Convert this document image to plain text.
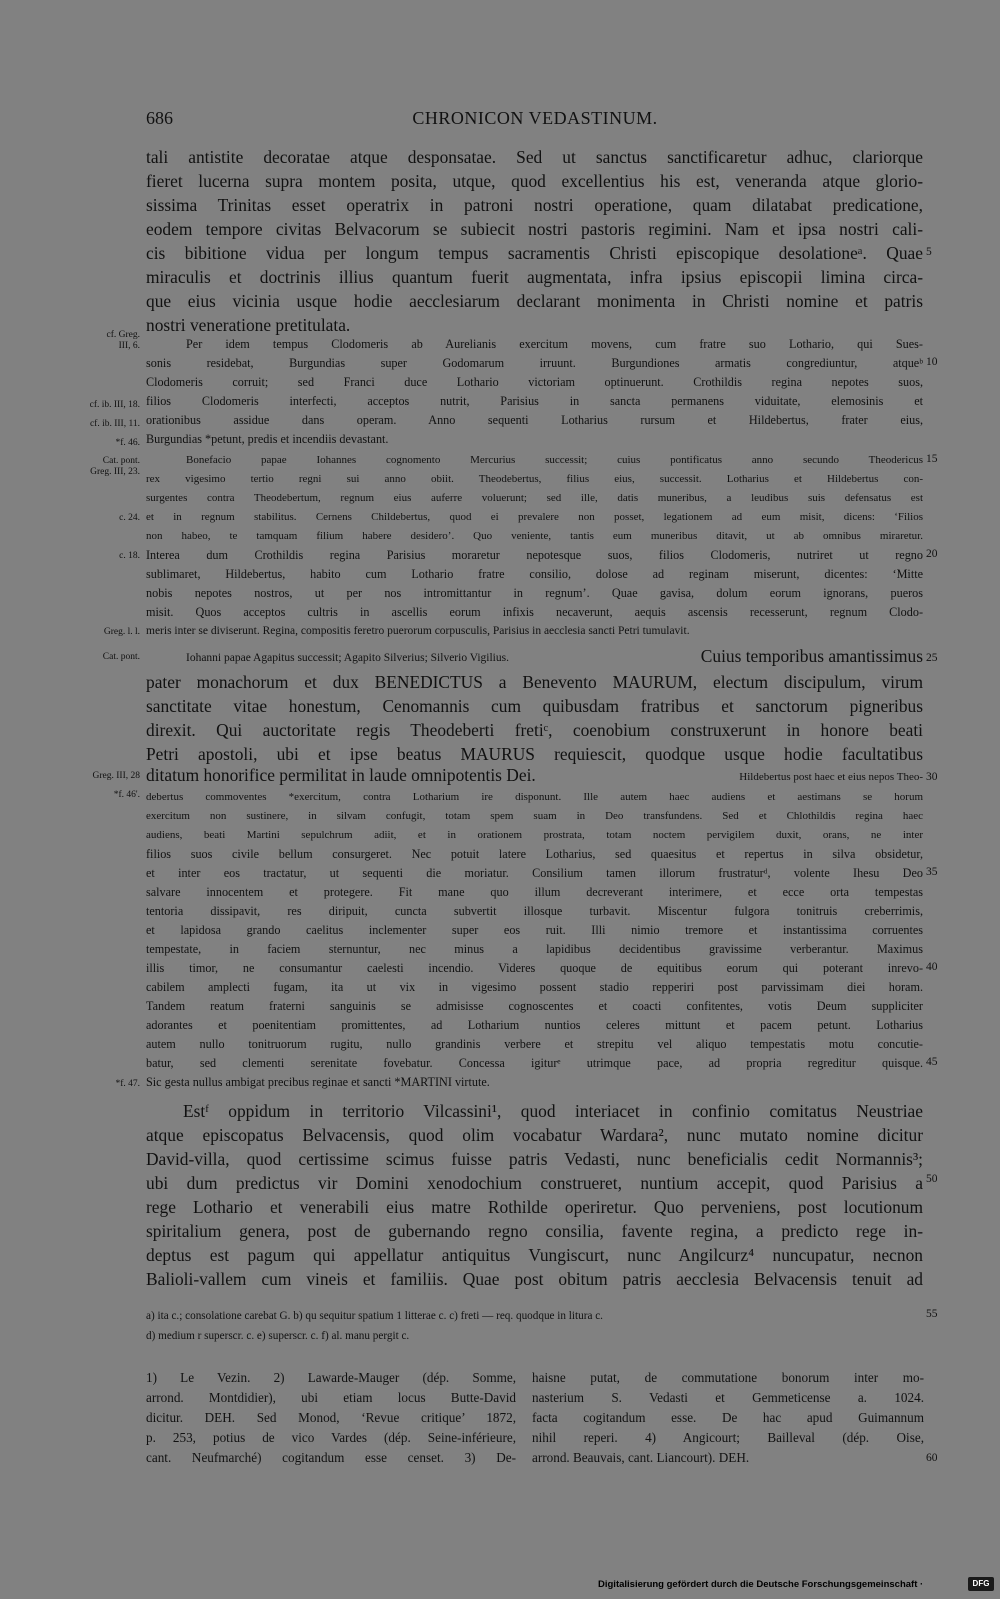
686	CHRONICON VEDASTINUM.
tali antistite decoratae atque desponsatae. Sed ut sanctus sanctificaretur adhuc, clariorque
fieret lucerna supra montem posita, utque, quod excellentius his est, veneranda atque glorio-
sissima Trinitas esset operatrix in patroni nostri operatione, quam dilatabat predicatione,
eodem tempore civitas Belvacorum se subiecit nostri pastoris regimini. Nam et ipsa nostri cali-
cis bibitione vidua per longum tempus sacramentis Christi episcopique desolationeᵃ. Quae
miraculis et doctrinis illius quantum fuerit augmentata, infra ipsius episcopii limina circa-
que eius vicinia usque hodie aecclesiarum declarant monimenta in Christi nomine et patris
nostri veneratione pretitulata.
Per idem tempus Clodomeris ab Aurelianis exercitum movens, cum fratre suo Lothario, qui Sues-
sonis residebat, Burgundias super Godomarum irruunt. Burgundiones armatis congrediuntur, atqueᵇ
Clodomeris corruit; sed Franci duce Lothario victoriam optinuerunt. Crothildis regina nepotes suos,
filios Clodomeris interfecti, acceptos nutrit, Parisius in sancta permanens viduitate, elemosinis et
orationibus assidue dans operam. Anno sequenti Lotharius rursum et Hildebertus, frater eius,
Burgundias *petunt, predis et incendiis devastant.
Bonefacio papae Iohannes cognomento Mercurius successit; cuius pontificatus anno secundo Theodericus
rex vigesimo tertio regni sui anno obiit. Theodebertus, filius eius, successit. Lotharius et Hildebertus con-
surgentes contra Theodebertum, regnum eius auferre voluerunt; sed ille, datis muneribus, a leudibus suis defensatus est
et in regnum stabilitus. Cernens Childebertus, quod ei prevalere non posset, legationem ad eum misit, dicens: ‘Filios
non habeo, te tamquam filium habere desidero’. Quo veniente, tantis eum muneribus ditavit, ut ab omnibus miraretur.
Interea dum Crothildis regina Parisius moraretur nepotesque suos, filios Clodomeris, nutriret ut regno
sublimaret, Hildebertus, habito cum Lothario fratre consilio, dolose ad reginam miserunt, dicentes: ‘Mitte
nobis nepotes nostros, ut per nos intromittantur in regnum’. Quae gavisa, dolum eorum ignorans, pueros
misit. Quos acceptos cultris in ascellis eorum infixis necaverunt, aequis ascensis recesserunt, regnum Clodo-
meris inter se diviserunt. Regina, compositis feretro puerorum corpusculis, Parisius in aecclesia sancti Petri tumulavit.
Iohanni papae Agapitus successit; Agapito Silverius; Silverio Vigilius.	Cuius temporibus amantissimus
pater monachorum et dux BENEDICTUS a Benevento MAURUM, electum discipulum, virum
sanctitate vitae honestum, Cenomannis cum quibusdam fratribus et sanctorum pigneribus
direxit. Qui auctoritate regis Theodeberti fretiᶜ, coenobium construxerunt in honore beati
Petri apostoli, ubi et ipse beatus MAURUS requiescit, quodque usque hodie facultatibus
ditatum honorifice permilitat in laude omnipotentis Dei.	Hildebertus post haec et eius nepos Theo-
debertus commoventes *exercitum, contra Lotharium ire disponunt. Ille autem haec audiens et aestimans se horum
exercitum non sustinere, in silvam confugit, totam spem suam in Deo transfundens. Sed et Chlothildis regina haec
audiens, beati Martini sepulchrum adiit, et in orationem prostrata, totam noctem pervigilem duxit, orans, ne inter
filios suos civile bellum consurgeret. Nec potuit latere Lotharius, sed quaesitus et repertus in silva obsidetur,
et inter eos tractatur, ut sequenti die moriatur. Consilium tamen illorum frustraturᵈ, volente Ihesu Deo
salvare innocentem et protegere. Fit mane quo illum decreverant interimere, et ecce orta tempestas
tentoria dissipavit, res diripuit, cuncta subvertit illosque turbavit. Miscentur fulgora tonitruis creberrimis,
et lapidosa grando caelitus inclementer super eos ruit. Illi nimio tremore et instantissima corruentes
tempestate, in faciem sternuntur, nec minus a lapidibus decidentibus gravissime verberantur. Maximus
illis timor, ne consumantur caelesti incendio. Videres quoque de equitibus eorum qui poterant inrevo-
cabilem amplecti fugam, ita ut vix in vigesimo possent stadio repperiri post parvissimam diei horam.
Tandem reatum fraterni sanguinis se admisisse cognoscentes et coacti confitentes, votis Deum suppliciter
adorantes et poenitentiam promittentes, ad Lotharium nuntios celeres mittunt et pacem petunt. Lotharius
autem nullo tonitruorum rugitu, nullo grandinis verbere et strepitu vel aliquo tempestatis motu concutie-
batur, sed clementi serenitate fovebatur. Concessa igiturᵉ utrimque pace, ad propria regreditur quisque.
Sic gesta nullus ambigat precibus reginae et sancti *MARTINI virtute.
Estᶠ oppidum in territorio Vilcassini¹, quod interiacet in confinio comitatus Neustriae
atque episcopatus Belvacensis, quod olim vocabatur Wardara², nunc mutato nomine dicitur
David-villa, quod certissime scimus fuisse patris Vedasti, nunc beneficialis cedit Normannis³;
ubi dum predictus vir Domini xenodochium construeret, nuntium accepit, quod Parisius a
rege Lothario et venerabili eius matre Rothilde operiretur. Quo perveniens, post locutionum
spiritalium genera, post de gubernando regno consilia, favente regina, a predicto rege in-
deptus est pagum qui appellatur antiquitus Vungiscurt, nunc Angilcurz⁴ nuncupatur, necnon
Balioli-vallem cum vineis et familiis. Quae post obitum patris aecclesia Belvacensis tenuit ad
cf. Greg.
III, 6.
cf. ib. III, 18.
cf. ib. III, 11.
*f. 46.
Cat. pont.
Greg. III, 23.
c. 24.
c. 18.
Greg. l. l.
Cat. pont.
Greg. III, 28
*f. 46'.
*f. 47.
5
10
15
20
25
30
35
40
45
50
55
60
a) ita c.; consolatione carebat G. b) qu sequitur spatium 1 litterae c. c) freti — req. quodque in litura c.
d) medium r superscr. c. e) superscr. c. f) al. manu pergit c.
1) Le Vezin. 2) Lawarde-Mauger (dép. Somme,
arrond. Montdidier), ubi etiam locus Butte-David
dicitur. DEH. Sed Monod, ‘Revue critique’ 1872,
p. 253, potius de vico Vardes (dép. Seine-inférieure,
cant. Neufmarché) cogitandum esse censet. 3) De-
haisne putat, de commutatione bonorum inter mo-
nasterium S. Vedasti et Gemmeticense a. 1024.
facta cogitandum esse. De hac apud Guimannum
nihil reperi. 4) Angicourt; Bailleval (dép. Oise,
arrond. Beauvais, cant. Liancourt). DEH.
Digitalisierung gefördert durch die Deutsche Forschungsgemeinschaft ·	DFG
